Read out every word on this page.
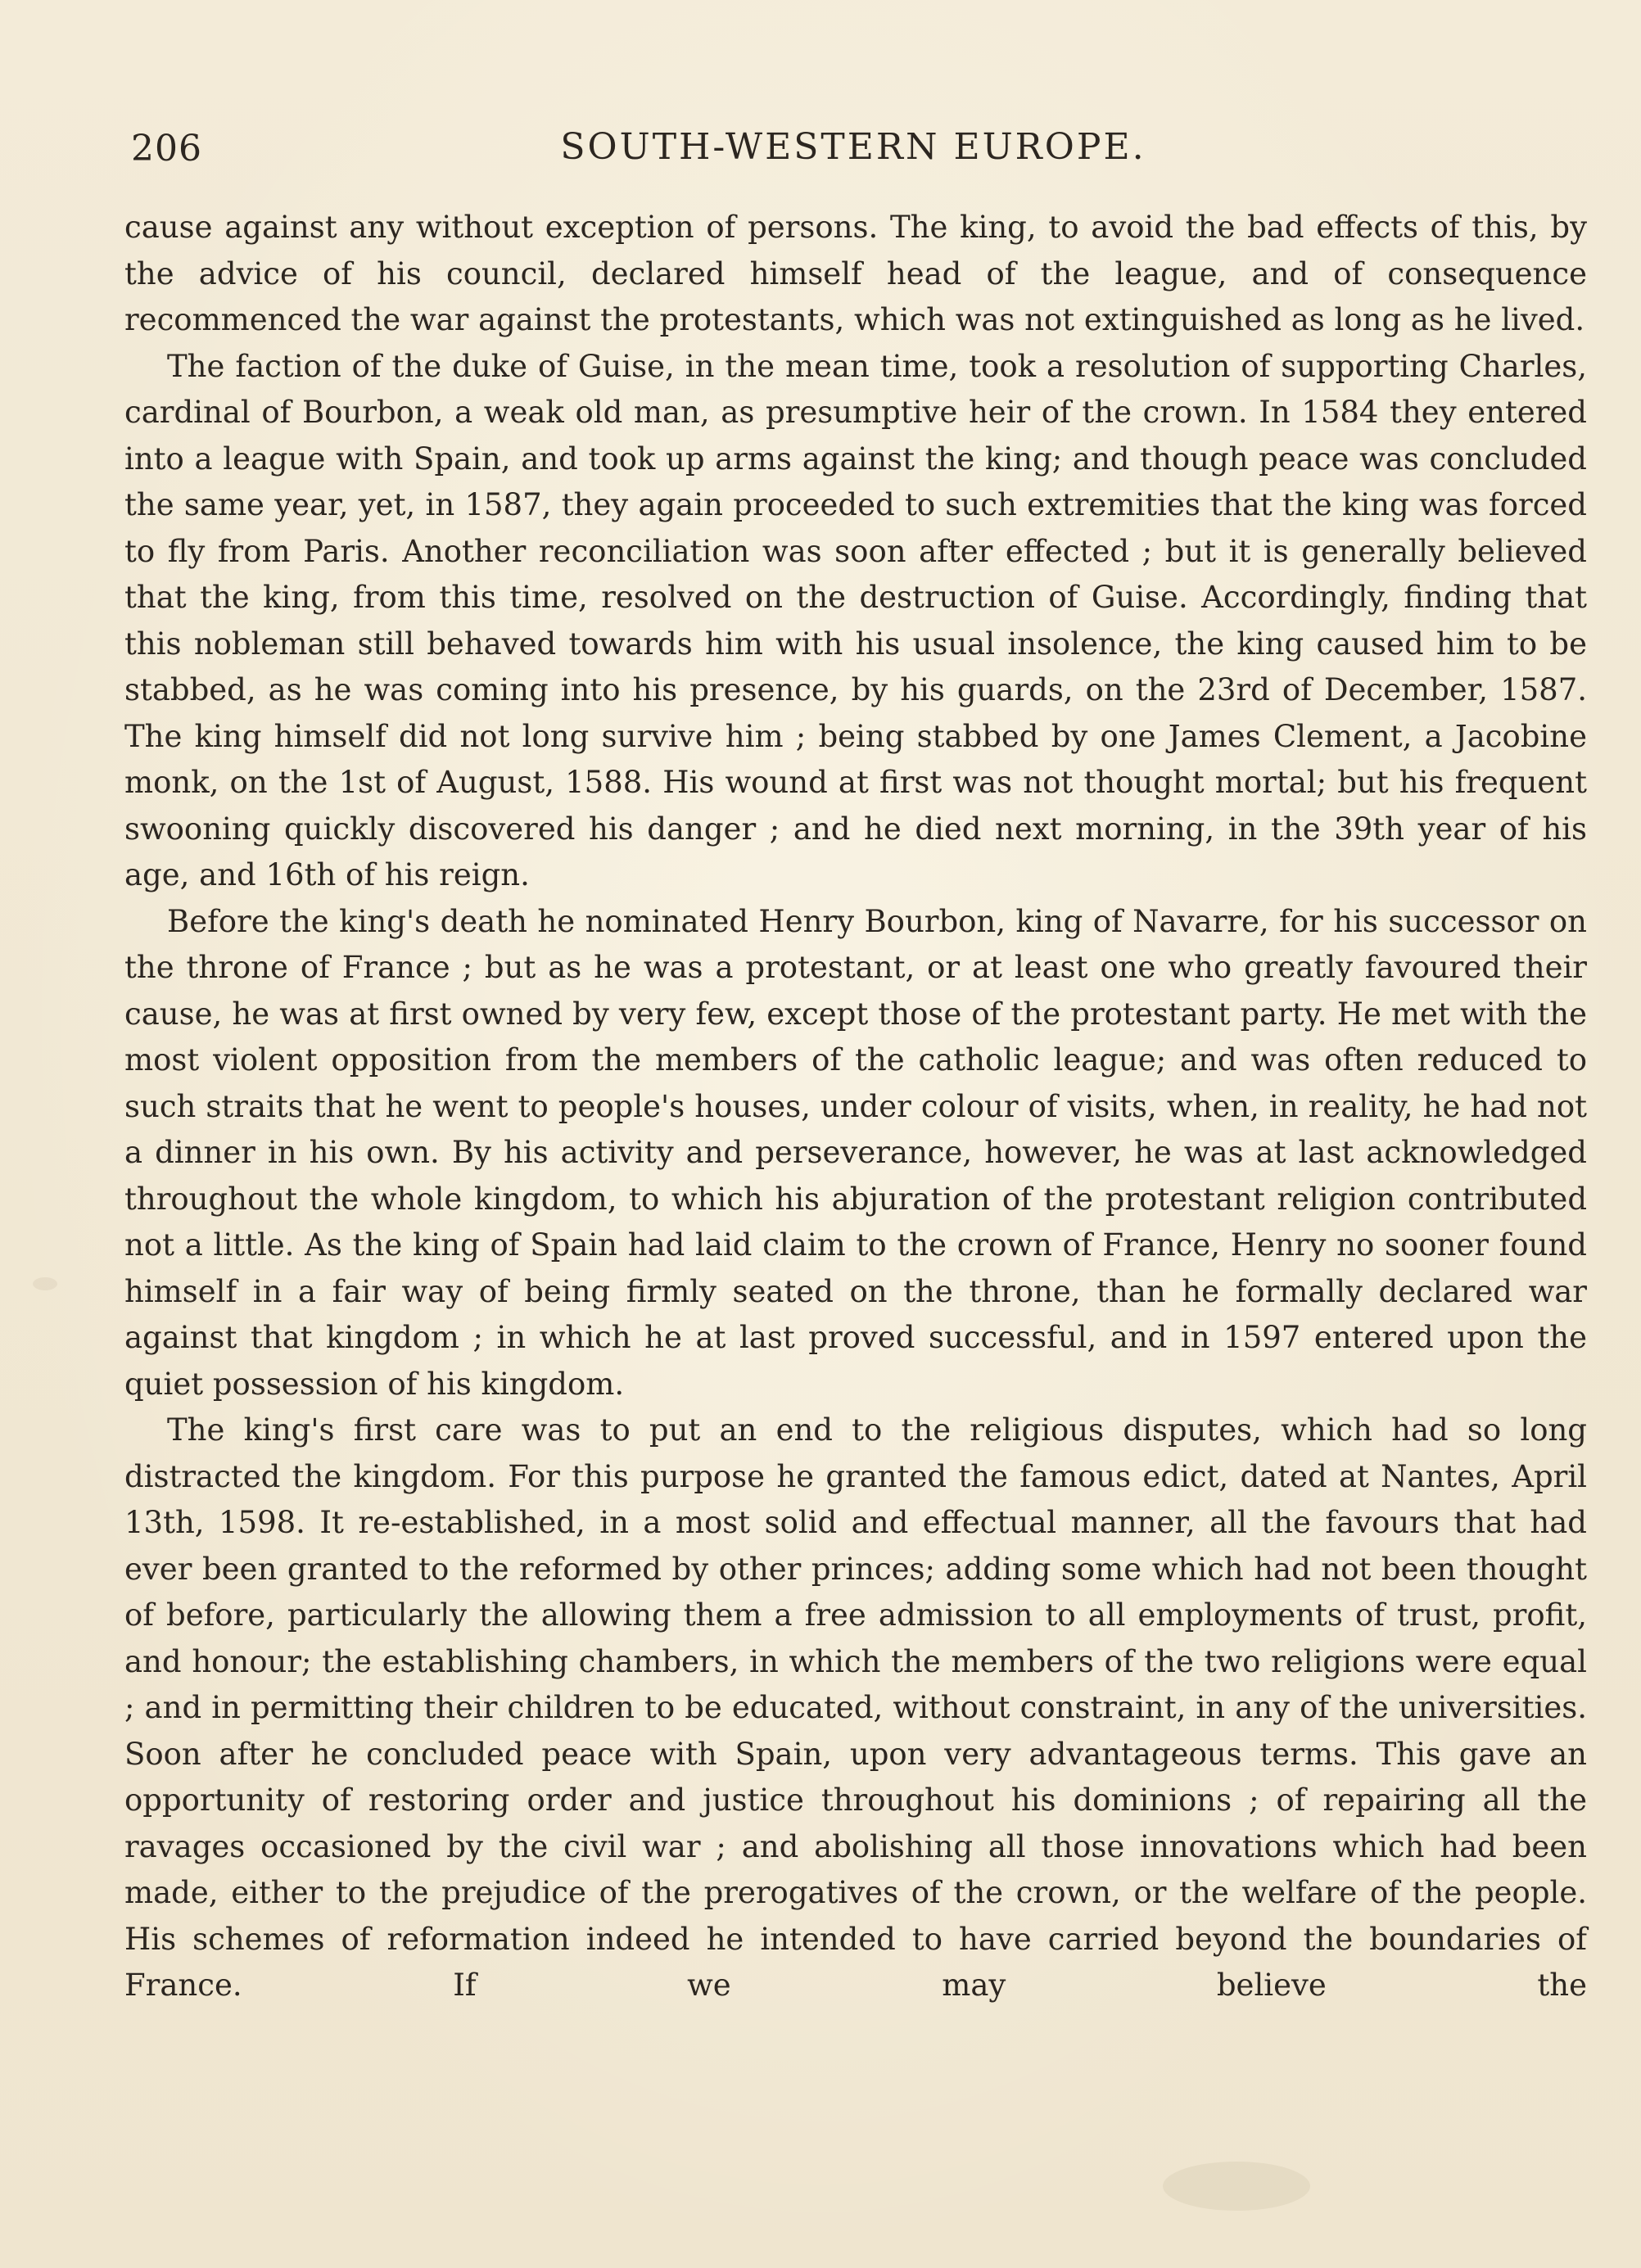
206	SOUTH-WESTERN EUROPE.

cause against any without exception of persons. The king, to avoid the bad effects of this, by the advice of his council, declared himself head of the league, and of consequence recommenced the war against the protestants, which was not extinguished as long as he lived.

The faction of the duke of Guise, in the mean time, took a resolution of supporting Charles, cardinal of Bourbon, a weak old man, as presumptive heir of the crown. In 1584 they entered into a league with Spain, and took up arms against the king; and though peace was concluded the same year, yet, in 1587, they again proceeded to such extremities that the king was forced to fly from Paris. Another reconciliation was soon after effected ; but it is generally believed that the king, from this time, resolved on the destruction of Guise. Accordingly, finding that this nobleman still behaved towards him with his usual insolence, the king caused him to be stabbed, as he was coming into his presence, by his guards, on the 23rd of December, 1587. The king himself did not long survive him ; being stabbed by one James Clement, a Jacobine monk, on the 1st of August, 1588. His wound at first was not thought mortal; but his frequent swooning quickly discovered his danger ; and he died next morning, in the 39th year of his age, and 16th of his reign.

Before the king's death he nominated Henry Bourbon, king of Navarre, for his successor on the throne of France ; but as he was a protestant, or at least one who greatly favoured their cause, he was at first owned by very few, except those of the protestant party. He met with the most violent opposition from the members of the catholic league; and was often reduced to such straits that he went to people's houses, under colour of visits, when, in reality, he had not a dinner in his own. By his activity and perseverance, however, he was at last acknowledged throughout the whole kingdom, to which his abjuration of the protestant religion contributed not a little. As the king of Spain had laid claim to the crown of France, Henry no sooner found himself in a fair way of being firmly seated on the throne, than he formally declared war against that kingdom ; in which he at last proved successful, and in 1597 entered upon the quiet possession of his kingdom.

The king's first care was to put an end to the religious disputes, which had so long distracted the kingdom. For this purpose he granted the famous edict, dated at Nantes, April 13th, 1598. It re-established, in a most solid and effectual manner, all the favours that had ever been granted to the reformed by other princes; adding some which had not been thought of before, particularly the allowing them a free admission to all employments of trust, profit, and honour; the establishing chambers, in which the members of the two religions were equal ; and in permitting their children to be educated, without constraint, in any of the universities. Soon after he concluded peace with Spain, upon very advantageous terms. This gave an opportunity of restoring order and justice throughout his dominions ; of repairing all the ravages occasioned by the civil war ; and abolishing all those innovations which had been made, either to the prejudice of the prerogatives of the crown, or the welfare of the people. His schemes of reformation indeed he intended to have carried beyond the boundaries of France. If we may believe the
